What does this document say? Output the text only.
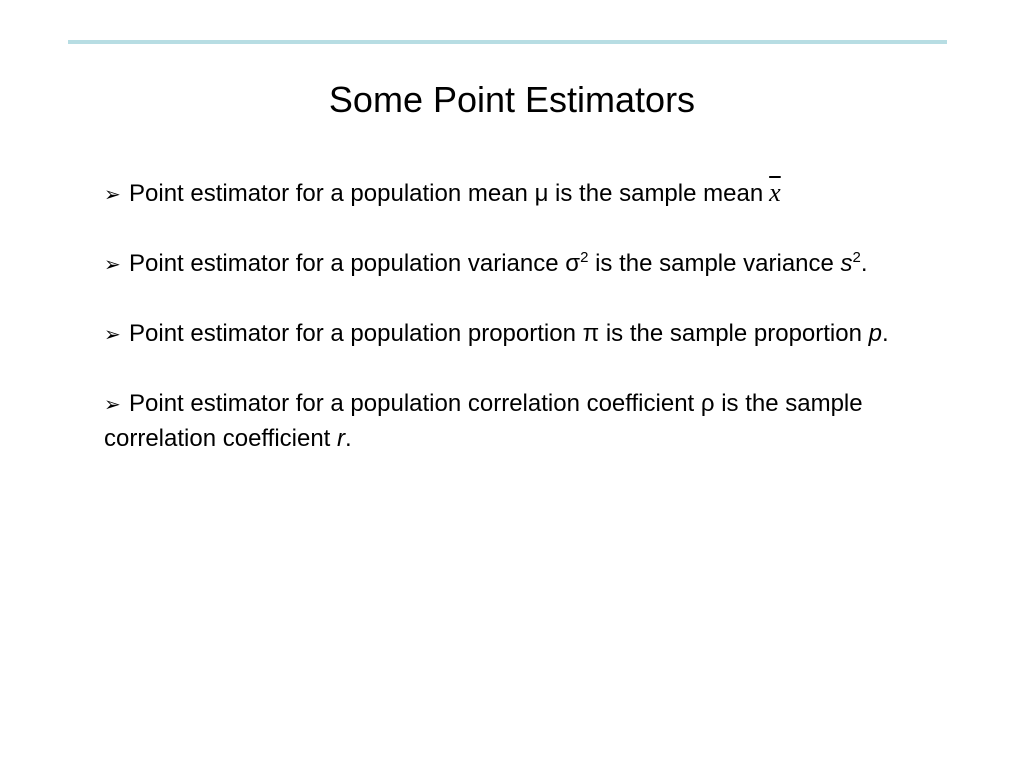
Some Point Estimators
➢ Point estimator for a population mean μ is the sample mean $\overline{x}$
➢ Point estimator for a population variance $\sigma^2$ is the sample variance $s^2$.
➢ Point estimator for a population proportion π is the sample proportion p.
➢ Point estimator for a population correlation coefficient ρ is the sample correlation coefficient r.
